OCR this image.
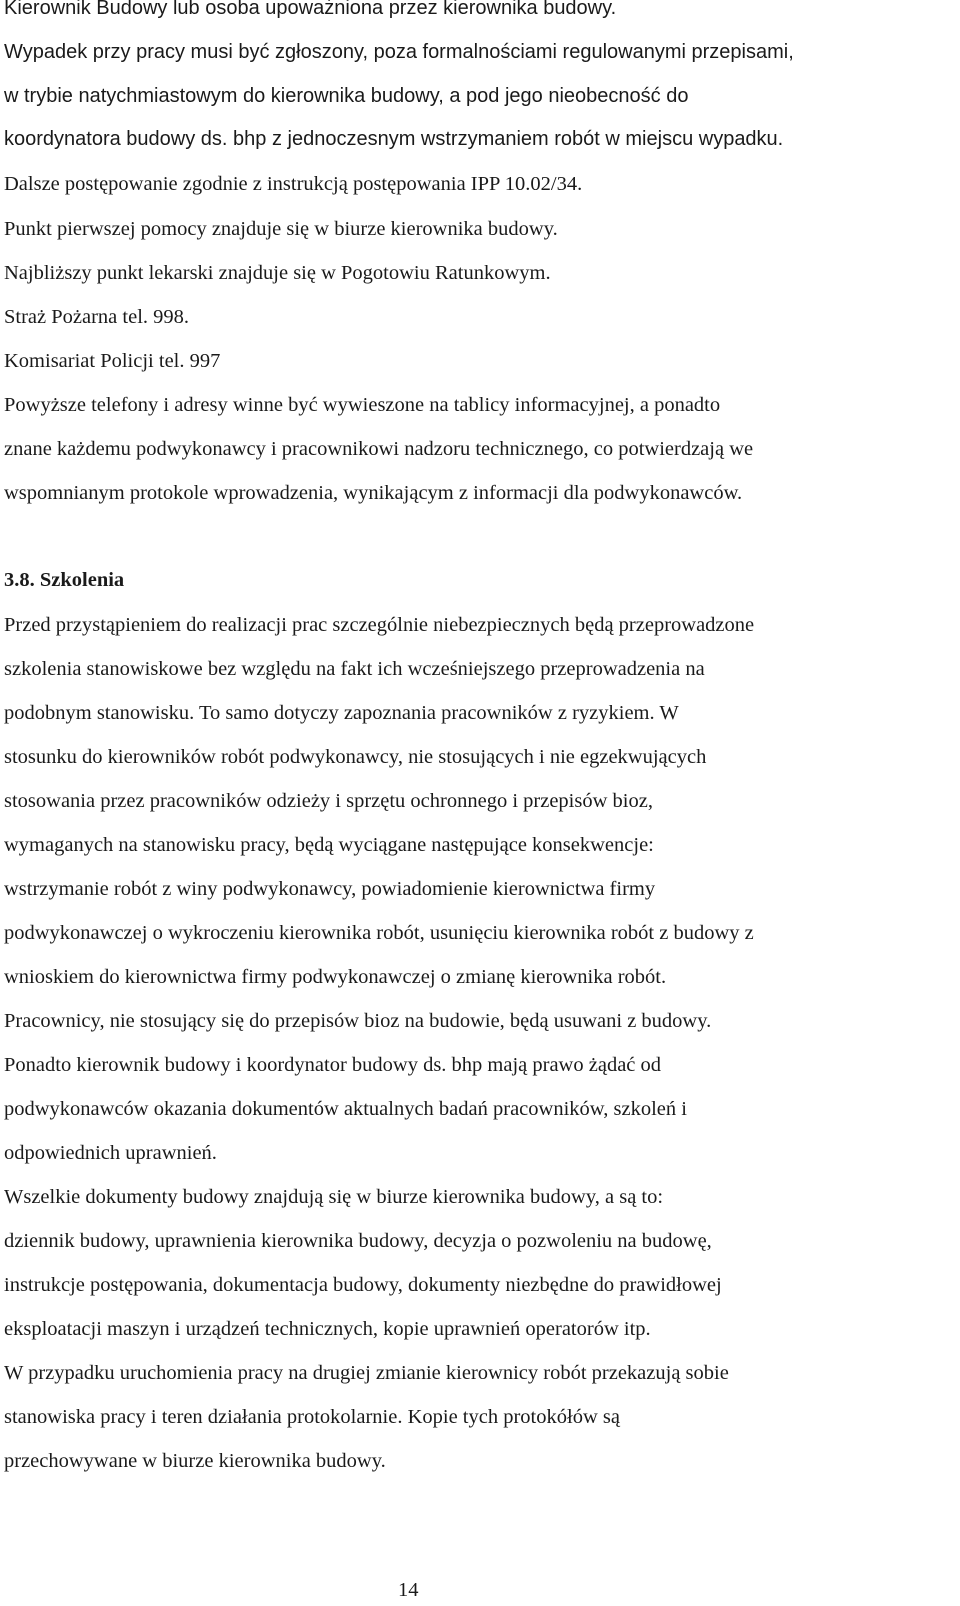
Kierownik Budowy lub osoba upoważniona przez kierownika budowy.
Wypadek przy pracy musi być zgłoszony, poza formalnościami regulowanymi przepisami,
w trybie natychmiastowym do kierownika budowy, a pod jego nieobecność do
koordynatora budowy ds. bhp z jednoczesnym wstrzymaniem robót w miejscu wypadku.
Dalsze postępowanie zgodnie z instrukcją postępowania IPP 10.02/34.
Punkt pierwszej pomocy znajduje się w biurze kierownika budowy.
Najbliższy punkt lekarski znajduje się w Pogotowiu Ratunkowym.
Straż Pożarna tel. 998.
Komisariat Policji tel. 997
Powyższe telefony i adresy winne być wywieszone na tablicy informacyjnej, a ponadto
znane każdemu podwykonawcy i pracownikowi nadzoru technicznego, co potwierdzają we
wspomnianym protokole wprowadzenia, wynikającym z informacji dla podwykonawców.
3.8. Szkolenia
Przed przystąpieniem do realizacji prac szczególnie niebezpiecznych będą przeprowadzone
szkolenia stanowiskowe bez względu na fakt ich wcześniejszego przeprowadzenia na
podobnym stanowisku. To samo dotyczy zapoznania pracowników z ryzykiem. W
stosunku do kierowników robót podwykonawcy, nie stosujących i nie egzekwujących
stosowania przez pracowników odzieży i sprzętu ochronnego i przepisów bioz,
wymaganych na stanowisku pracy, będą wyciągane następujące konsekwencje:
wstrzymanie robót z winy podwykonawcy, powiadomienie kierownictwa firmy
podwykonawczej o wykroczeniu kierownika robót, usunięciu kierownika robót z budowy z
wnioskiem do kierownictwa firmy podwykonawczej o zmianę kierownika robót.
Pracownicy, nie stosujący się do przepisów bioz na budowie, będą usuwani z budowy.
Ponadto kierownik budowy i koordynator budowy ds. bhp mają prawo żądać od
podwykonawców okazania dokumentów aktualnych badań pracowników, szkoleń i
odpowiednich uprawnień.
Wszelkie dokumenty budowy znajdują się w biurze kierownika budowy, a są to:
dziennik budowy, uprawnienia kierownika budowy, decyzja o pozwoleniu na budowę,
instrukcje postępowania, dokumentacja budowy, dokumenty niezbędne do prawidłowej
eksploatacji maszyn i urządzeń technicznych, kopie uprawnień operatorów itp.
W przypadku uruchomienia pracy na drugiej zmianie kierownicy robót przekazują sobie
stanowiska pracy i teren działania protokolarnie. Kopie tych protokółów są
przechowywane w biurze kierownika budowy.
14
